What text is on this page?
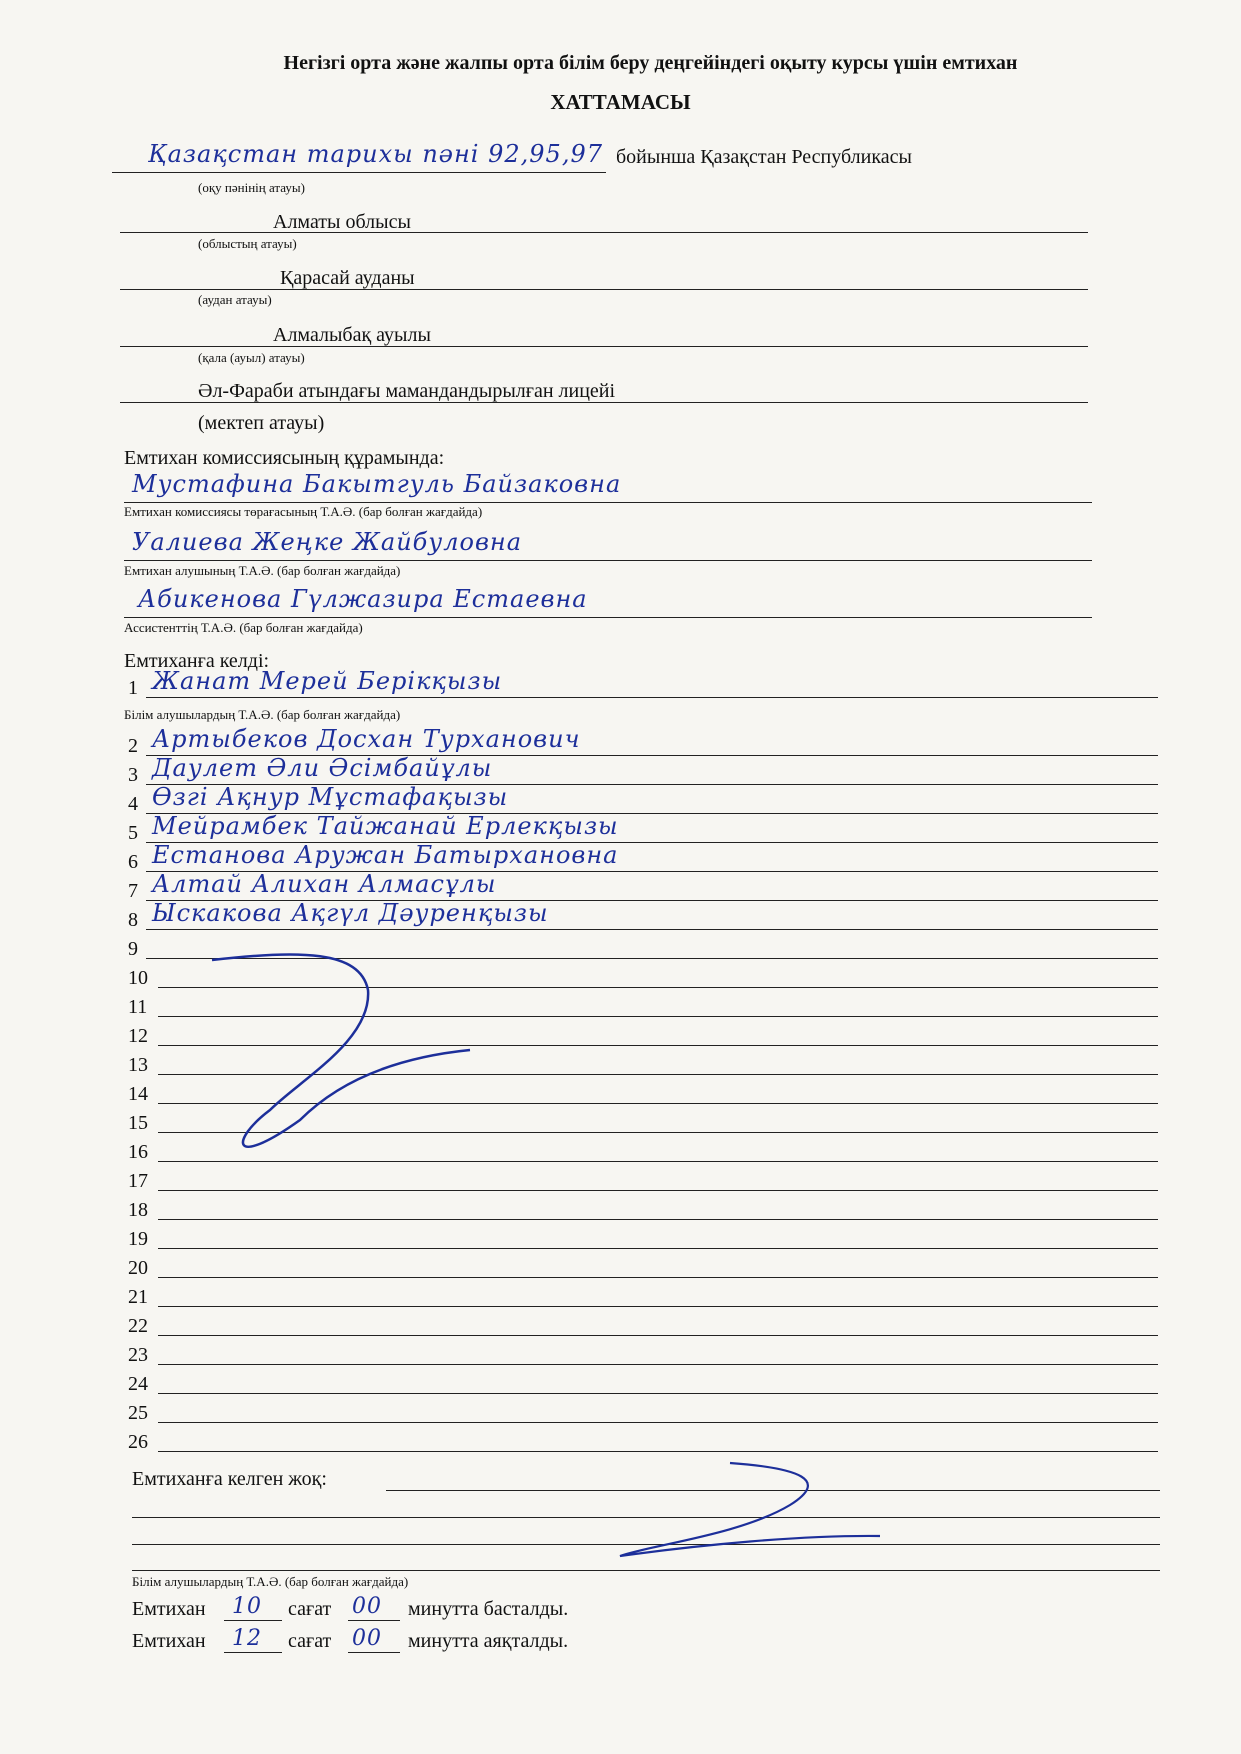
Негізгі орта және жалпы орта білім беру деңгейіндегі оқыту курсы үшін емтихан
ХАТТАМАСЫ
Қазақстан тарихы пәні 92,95,97 бойынша Қазақстан Республикасы
(оқу пәнінің атауы)
Алматы облысы
(облыстың атауы)
Қарасай ауданы
(аудан атауы)
Алмалыбақ ауылы
(қала (ауыл) атауы)
Әл-Фараби атындағы мамандандырылған лицейі
(мектеп атауы)
Емтихан комиссиясының құрамында:
Мустафина Бакытгуль Байзаковна
Емтихан комиссиясы төрағасының Т.А.Ә. (бар болған жағдайда)
Уалиева Жеңке Жайбуловна
Емтихан алушының Т.А.Ә. (бар болған жағдайда)
Абикенова Гүлжазира Естаевна
Ассистенттің Т.А.Ә. (бар болған жағдайда)
Емтиханға келді:
1 Жанат Мерей Берікқызы
2 Артыбеков Досхан Турханович
3 Даулет Әли Әсімбайұлы
4 Өзгі Ақнур Мұстафақызы
5 Мейрамбек Тайжанай Ерлекқызы
6 Естанова Аружан Батырхановна
7 Алтай Алихан Алмасұлы
8 Ыскакова Ақгүл Дәуренқызы
9
10
11
12
13
14
15
16
17
18
19
20
21
22
23
24
25
26
Білім алушылардың Т.А.Ә. (бар болған жағдайда)
Емтиханға келген жоқ:
Білім алушылардың Т.А.Ә. (бар болған жағдайда)
Емтихан 10 сағат 00 минутта басталды.
Емтихан 12 сағат 00 минутта аяқталды.
